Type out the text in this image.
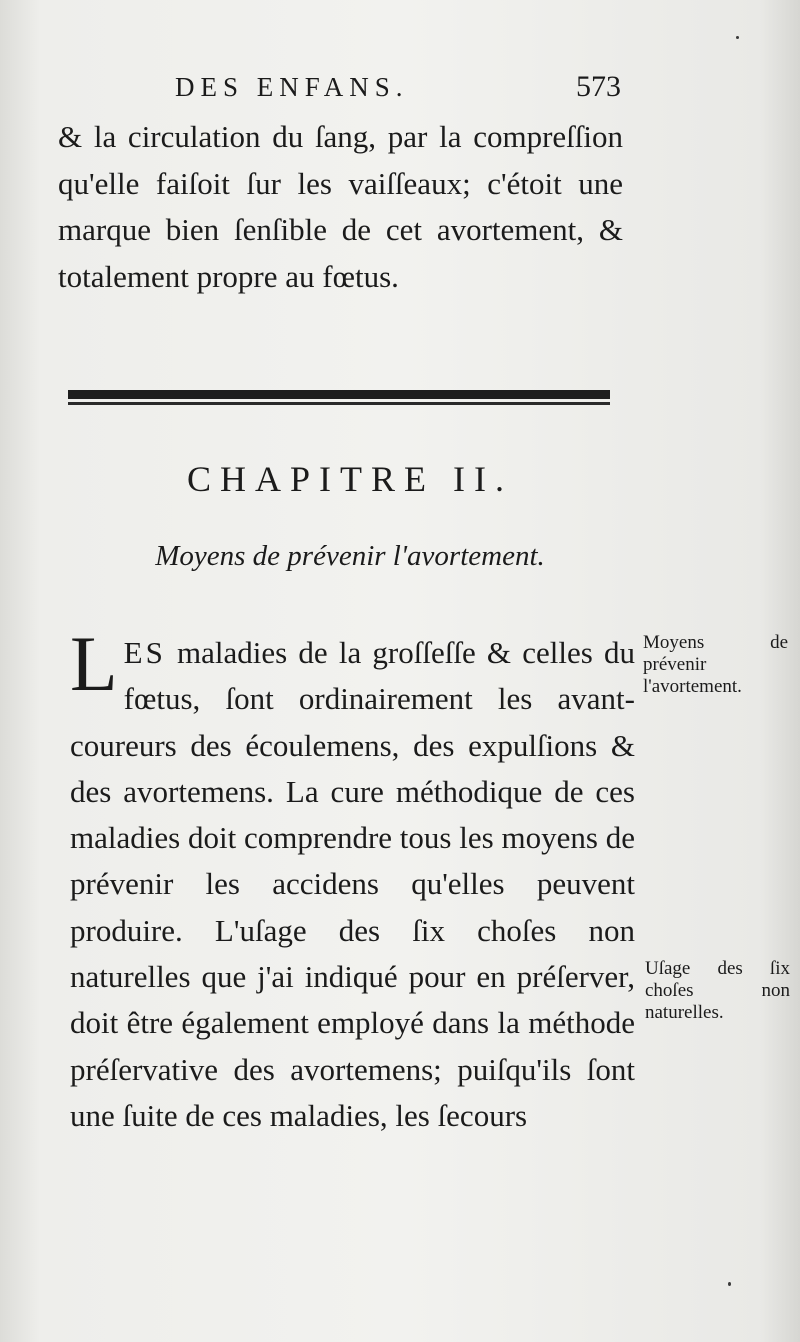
DES ENFANS.	573

& la circulation du ſang, par la compreſſion qu'elle faiſoit ſur les vaiſſeaux; c'étoit une marque bien ſenſible de cet avortement, & totalement propre au fœtus.

CHAPITRE II.
Moyens de prévenir l'avortement.

LES maladies de la groſſeſſe & celles du fœtus, ſont ordinairement les avant-coureurs des écoulemens, des expulſions & des avortemens. La cure méthodique de ces maladies doit comprendre tous les moyens de prévenir les accidens qu'elles peuvent produire. L'uſage des ſix choſes non naturelles que j'ai indiqué pour en préſerver, doit être également employé dans la méthode préſervative des avortemens; puiſqu'ils ſont une ſuite de ces maladies, les ſecours

Moyens de prévenir l'avortement.
Uſage des ſix choſes non naturelles.
